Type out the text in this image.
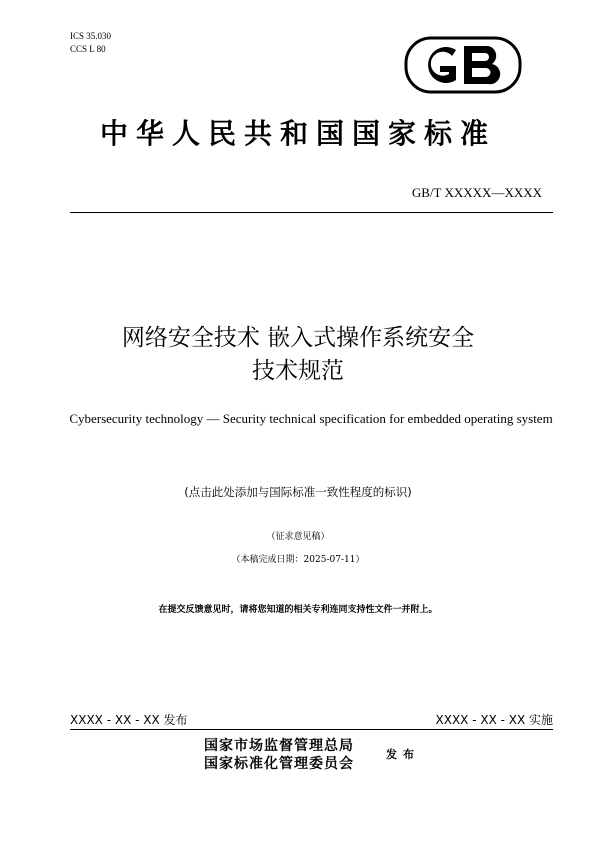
ICS 35.030
CCS L 80
中华人民共和国国家标准
GB/T XXXXX—XXXX
网络安全技术 嵌入式操作系统安全
技术规范
Cybersecurity technology — Security technical specification for embedded operating system
(点击此处添加与国际标准一致性程度的标识)
（征求意见稿）
（本稿完成日期：2025-07-11）
在提交反馈意见时，请将您知道的相关专利连同支持性文件一并附上。
XXXX - XX - XX 发布	XXXX - XX - XX 实施
国家市场监督管理总局
国家标准化管理委员会
发布
